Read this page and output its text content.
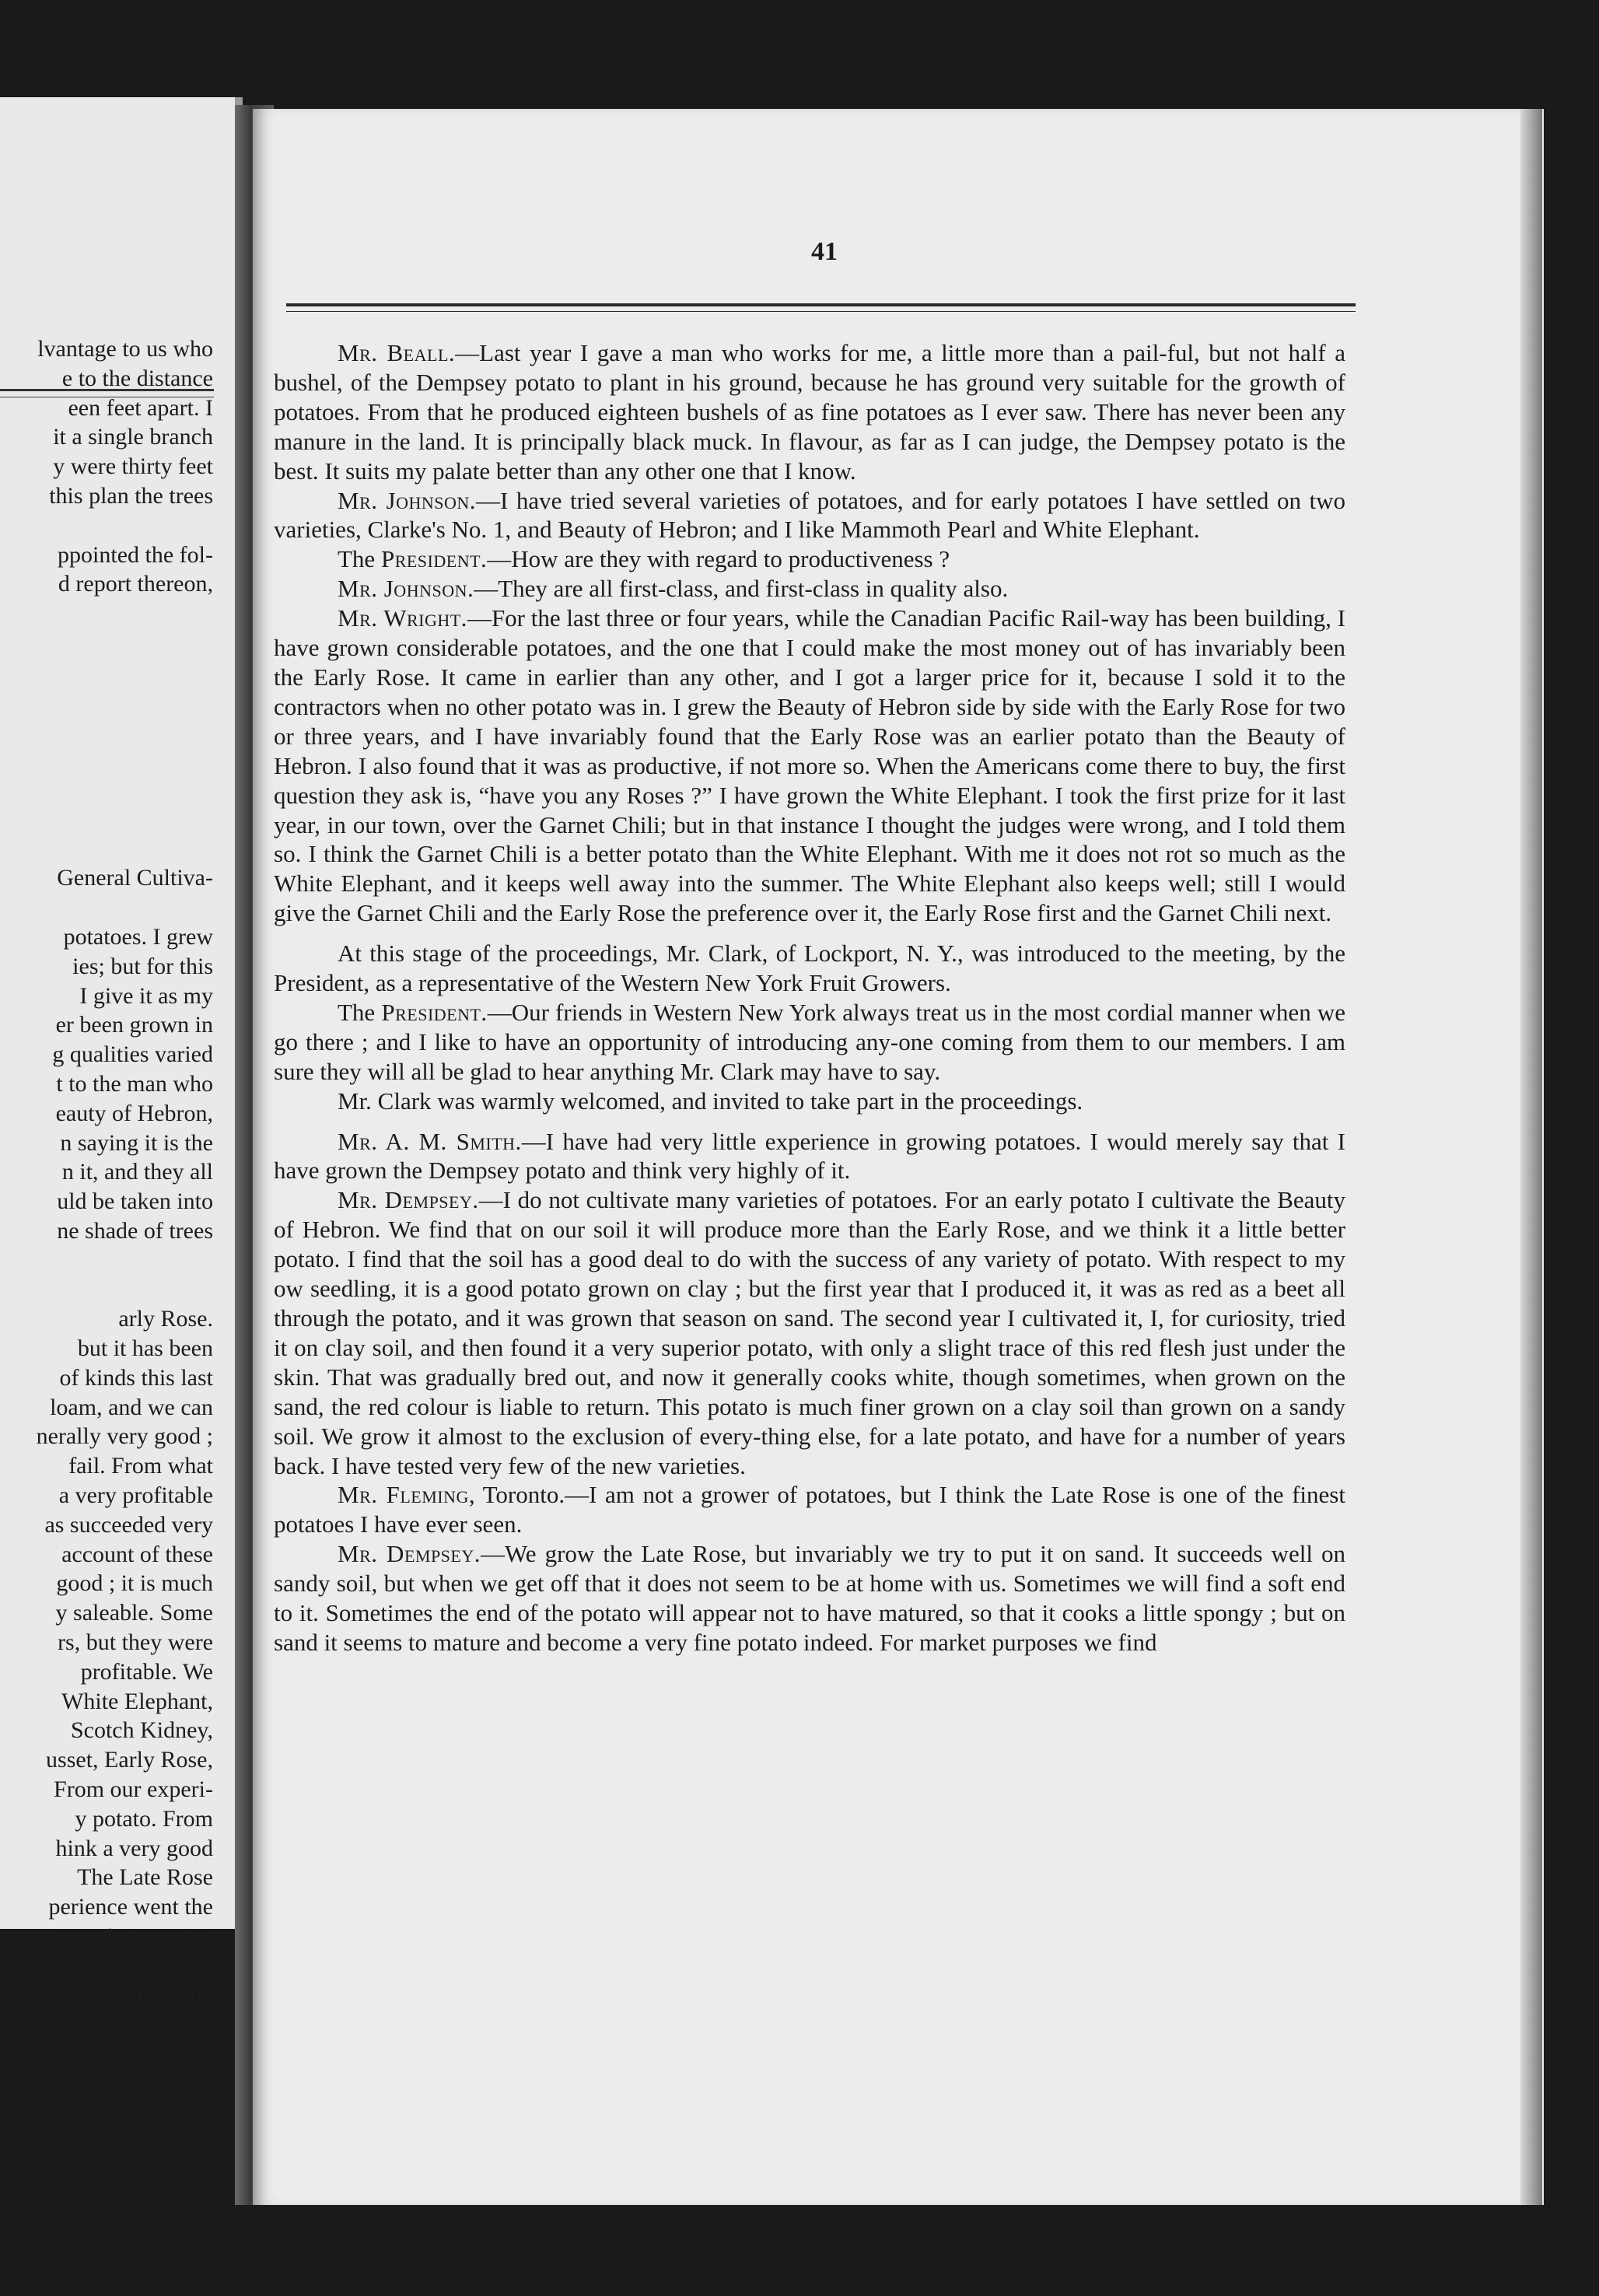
lvantage to us who
e to the distance
een feet apart. I
it a single branch
y were thirty feet
this plan the trees
ppointed the fol-
d report thereon,
General Cultiva-
potatoes. I grew
ies; but for this
I give it as my
er been grown in
g qualities varied
t to the man who
eauty of Hebron,
n saying it is the
n it, and they all
uld be taken into
ne shade of trees
arly Rose.
but it has been
of kinds this last
loam, and we can
nerally very good ;
fail. From what
a very profitable
as succeeded very
account of these
good ; it is much
y saleable. Some
rs, but they were
profitable. We
White Elephant,
Scotch Kidney,
usset, Early Rose,
From our experi-
y potato. From
hink a very good
The Late Rose
perience went the
ng point country,
we find potatoes
crop to cultivate,
se we can go into.
41

Mr. Beall.—Last year I gave a man who works for me, a little more than a pail-ful, but not half a bushel, of the Dempsey potato to plant in his ground, because he has ground very suitable for the growth of potatoes. From that he produced eighteen bushels of as fine potatoes as I ever saw. There has never been any manure in the land. It is principally black muck. In flavour, as far as I can judge, the Dempsey potato is the best. It suits my palate better than any other one that I know.

Mr. Johnson.—I have tried several varieties of potatoes, and for early potatoes I have settled on two varieties, Clarke's No. 1, and Beauty of Hebron; and I like Mammoth Pearl and White Elephant.

The President.—How are they with regard to productiveness ?

Mr. Johnson.—They are all first-class, and first-class in quality also.

Mr. Wright.—For the last three or four years, while the Canadian Pacific Rail-way has been building, I have grown considerable potatoes, and the one that I could make the most money out of has invariably been the Early Rose. It came in earlier than any other, and I got a larger price for it, because I sold it to the contractors when no other potato was in. I grew the Beauty of Hebron side by side with the Early Rose for two or three years, and I have invariably found that the Early Rose was an earlier potato than the Beauty of Hebron. I also found that it was as productive, if not more so. When the Americans come there to buy, the first question they ask is, “have you any Roses ?” I have grown the White Elephant. I took the first prize for it last year, in our town, over the Garnet Chili; but in that instance I thought the judges were wrong, and I told them so. I think the Garnet Chili is a better potato than the White Elephant. With me it does not rot so much as the White Elephant, and it keeps well away into the summer. The White Elephant also keeps well; still I would give the Garnet Chili and the Early Rose the preference over it, the Early Rose first and the Garnet Chili next.

At this stage of the proceedings, Mr. Clark, of Lockport, N. Y., was introduced to the meeting, by the President, as a representative of the Western New York Fruit Growers.

The President.—Our friends in Western New York always treat us in the most cordial manner when we go there ; and I like to have an opportunity of introducing any-one coming from them to our members. I am sure they will all be glad to hear anything Mr. Clark may have to say.

Mr. Clark was warmly welcomed, and invited to take part in the proceedings.

Mr. A. M. Smith.—I have had very little experience in growing potatoes. I would merely say that I have grown the Dempsey potato and think very highly of it.

Mr. Dempsey.—I do not cultivate many varieties of potatoes. For an early potato I cultivate the Beauty of Hebron. We find that on our soil it will produce more than the Early Rose, and we think it a little better potato. I find that the soil has a good deal to do with the success of any variety of potato. With respect to my ow seedling, it is a good potato grown on clay ; but the first year that I produced it, it was as red as a beet all through the potato, and it was grown that season on sand. The second year I cultivated it, I, for curiosity, tried it on clay soil, and then found it a very superior potato, with only a slight trace of this red flesh just under the skin. That was gradually bred out, and now it generally cooks white, though sometimes, when grown on the sand, the red colour is liable to return. This potato is much finer grown on a clay soil than grown on a sandy soil. We grow it almost to the exclusion of every-thing else, for a late potato, and have for a number of years back. I have tested very few of the new varieties.

Mr. Fleming, Toronto.—I am not a grower of potatoes, but I think the Late Rose is one of the finest potatoes I have ever seen.

Mr. Dempsey.—We grow the Late Rose, but invariably we try to put it on sand. It succeeds well on sandy soil, but when we get off that it does not seem to be at home with us. Sometimes we will find a soft end to it. Sometimes the end of the potato will appear not to have matured, so that it cooks a little spongy ; but on sand it seems to mature and become a very fine potato indeed. For market purposes we find
